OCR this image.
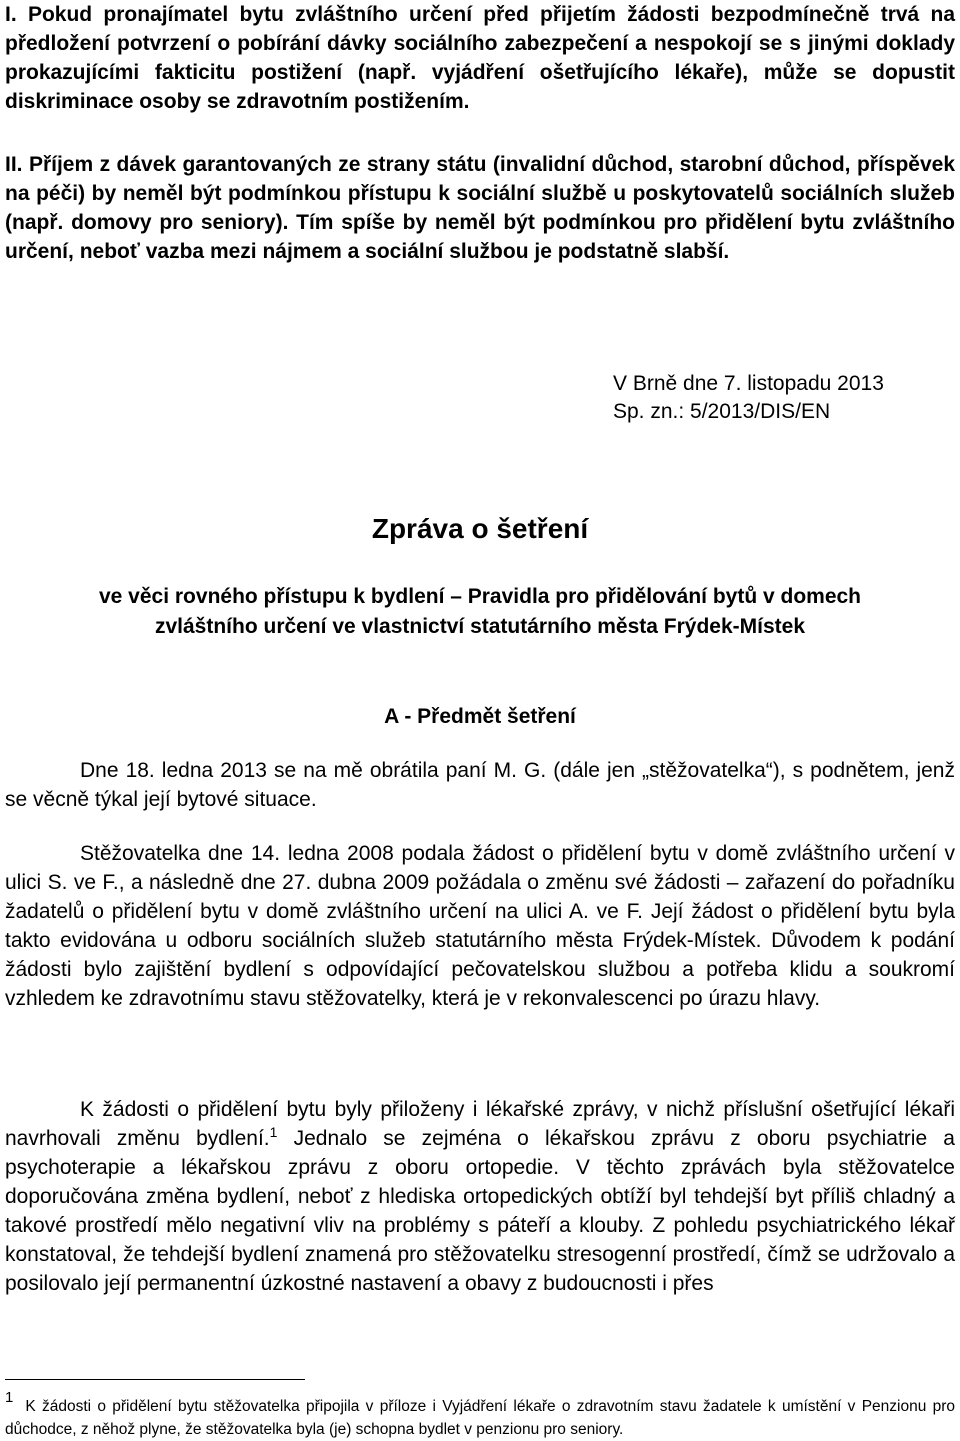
I. Pokud pronajímatel bytu zvláštního určení před přijetím žádosti bezpodmínečně trvá na předložení potvrzení o pobírání dávky sociálního zabezpečení a nespokojí se s jinými doklady prokazujícími fakticitu postižení (např. vyjádření ošetřujícího lékaře), může se dopustit diskriminace osoby se zdravotním postižením.

II. Příjem z dávek garantovaných ze strany státu (invalidní důchod, starobní důchod, příspěvek na péči) by neměl být podmínkou přístupu k sociální službě u poskytovatelů sociálních služeb (např. domovy pro seniory). Tím spíše by neměl být podmínkou pro přidělení bytu zvláštního určení, neboť vazba mezi nájmem a sociální službou je podstatně slabší.

V Brně dne 7. listopadu 2013
Sp. zn.: 5/2013/DIS/EN

Zpráva o šetření

ve věci rovného přístupu k bydlení – Pravidla pro přidělování bytů v domech

zvláštního určení ve vlastnictví statutárního města Frýdek-Místek

A - Předmět šetření

Dne 18. ledna 2013 se na mě obrátila paní M. G. (dále jen „stěžovatelka“), s podnětem, jenž se věcně týkal její bytové situace.

Stěžovatelka dne 14. ledna 2008 podala žádost o přidělení bytu v domě zvláštního určení v ulici S. ve F., a následně dne 27. dubna 2009 požádala o změnu své žádosti – zařazení do pořadníku žadatelů o přidělení bytu v domě zvláštního určení na ulici A. ve F. Její žádost o přidělení bytu byla takto evidována u odboru sociálních služeb statutárního města Frýdek-Místek. Důvodem k podání žádosti bylo zajištění bydlení s odpovídající pečovatelskou službou a potřeba klidu a soukromí vzhledem ke zdravotnímu stavu stěžovatelky, která je v rekonvalescenci po úrazu hlavy.

K žádosti o přidělení bytu byly přiloženy i lékařské zprávy, v nichž příslušní ošetřující lékaři navrhovali změnu bydlení.$^1$ Jednalo se zejména o lékařskou zprávu z oboru psychiatrie a psychoterapie a lékařskou zprávu z oboru ortopedie. V těchto zprávách byla stěžovatelce doporučována změna bydlení, neboť z hlediska ortopedických obtíží byl tehdejší byt příliš chladný a takové prostředí mělo negativní vliv na problémy s páteří a klouby. Z pohledu psychiatrického lékař konstatoval, že tehdejší bydlení znamená pro stěžovatelku stresogenní prostředí, čímž se udržovalo a posilovalo její permanentní úzkostné nastavení a obavy z budoucnosti i přes

$^1$K žádosti o přidělení bytu stěžovatelka připojila v příloze i Vyjádření lékaře o zdravotním stavu žadatele k umístění v Penzionu pro důchodce, z něhož plyne, že stěžovatelka byla (je) schopna bydlet v penzionu pro seniory.
